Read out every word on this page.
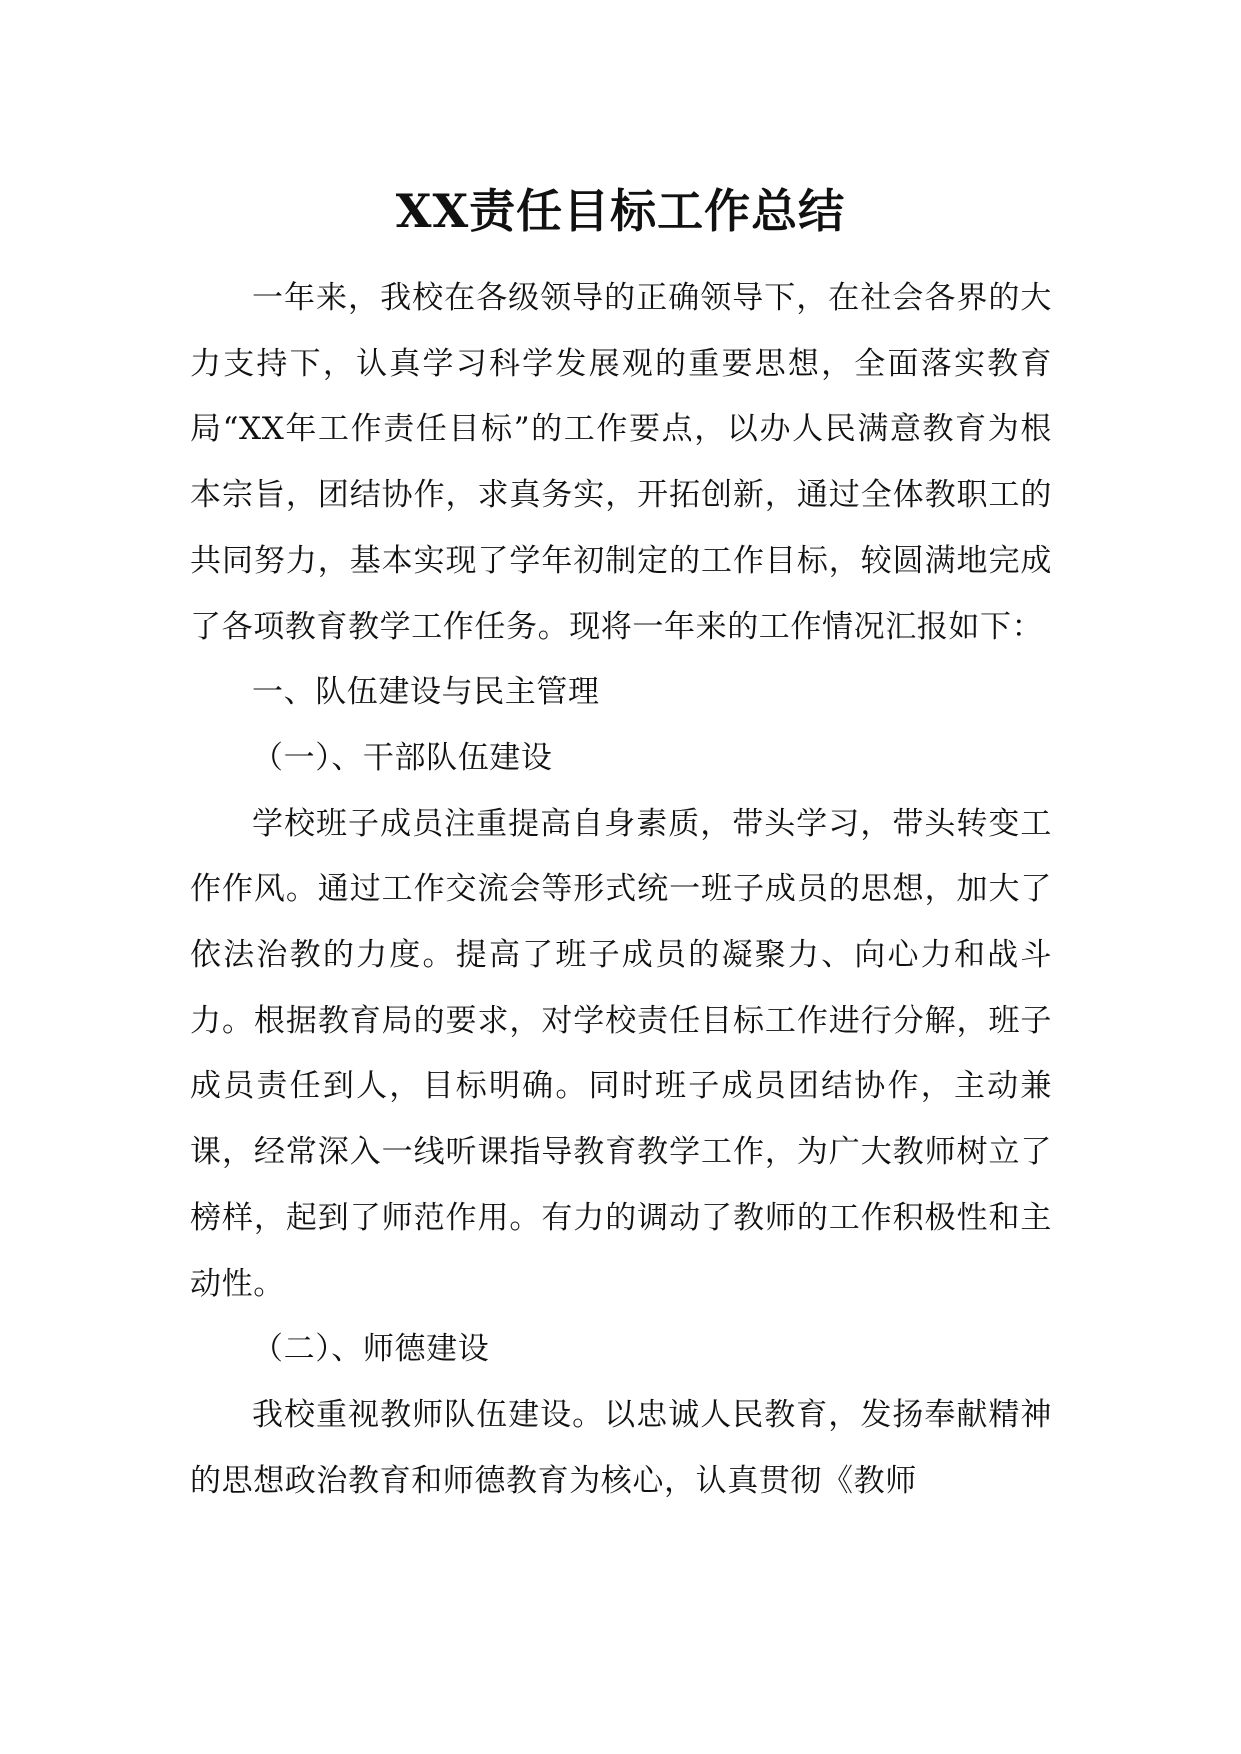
XX责任目标工作总结

一年来，我校在各级领导的正确领导下，在社会各界的大力支持下，认真学习科学发展观的重要思想，全面落实教育局“XX年工作责任目标”的工作要点，以办人民满意教育为根本宗旨，团结协作，求真务实，开拓创新，通过全体教职工的共同努力，基本实现了学年初制定的工作目标，较圆满地完成了各项教育教学工作任务。现将一年来的工作情况汇报如下：

一、队伍建设与民主管理

（一）、干部队伍建设

学校班子成员注重提高自身素质，带头学习，带头转变工作作风。通过工作交流会等形式统一班子成员的思想，加大了依法治教的力度。提高了班子成员的凝聚力、向心力和战斗力。根据教育局的要求，对学校责任目标工作进行分解，班子成员责任到人，目标明确。同时班子成员团结协作，主动兼课，经常深入一线听课指导教育教学工作，为广大教师树立了榜样，起到了师范作用。有力的调动了教师的工作积极性和主动性。

（二）、师德建设

我校重视教师队伍建设。以忠诚人民教育，发扬奉献精神的思想政治教育和师德教育为核心，认真贯彻《教师
